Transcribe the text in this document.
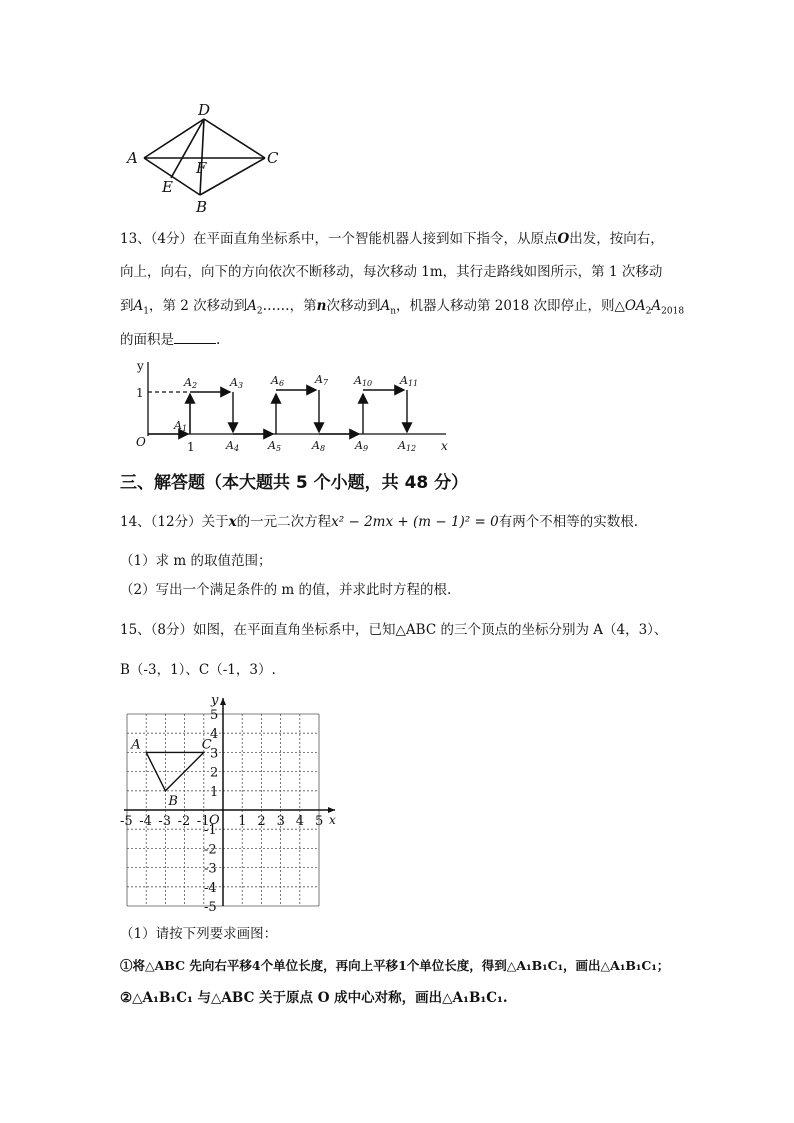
D
A
F
C
E
B
13、（4分）在平面直角坐标系中，一个智能机器人接到如下指令，从原点O出发，按向右，
向上，向右，向下的方向依次不断移动，每次移动 1m，其行走路线如图所示，第 1 次移动
到$A_1$，第 2 次移动到$A_2\dots\dots$，第n次移动到$A_n$，机器人移动第 2018 次即停止，则$\triangle OA_2A_{2018}$
的面积是	.
y
x
O
1
1
A1
A2	A3
A4	A5
A6	A7
A8	A9
A10	A11
A12
三、解答题（本大题共 5 个小题，共 48 分）
14、（12分）关于x的一元二次方程x² − 2mx + (m − 1)² = 0有两个不相等的实数根.
（1）求 m 的取值范围；
（2）写出一个满足条件的 m 的值，并求此时方程的根.
15、（8分）如图，在平面直角坐标系中，已知△ABC 的三个顶点的坐标分别为 A（4，3）、
B（-3，1）、C（-1，3）.
x
y
O
-5 -4 -3 -2 -1 1 2 3 4 5
5
4
3
2
1
-1
-2
-3
-4
-5
A
B
C
（1）请按下列要求画图：
①将△ABC 先向右平移4个单位长度，再向上平移1个单位长度，得到△A₁B₁C₁，画出△A₁B₁C₁；
②△A₁B₁C₁ 与△ABC 关于原点 O 成中心对称，画出△A₁B₁C₁.
